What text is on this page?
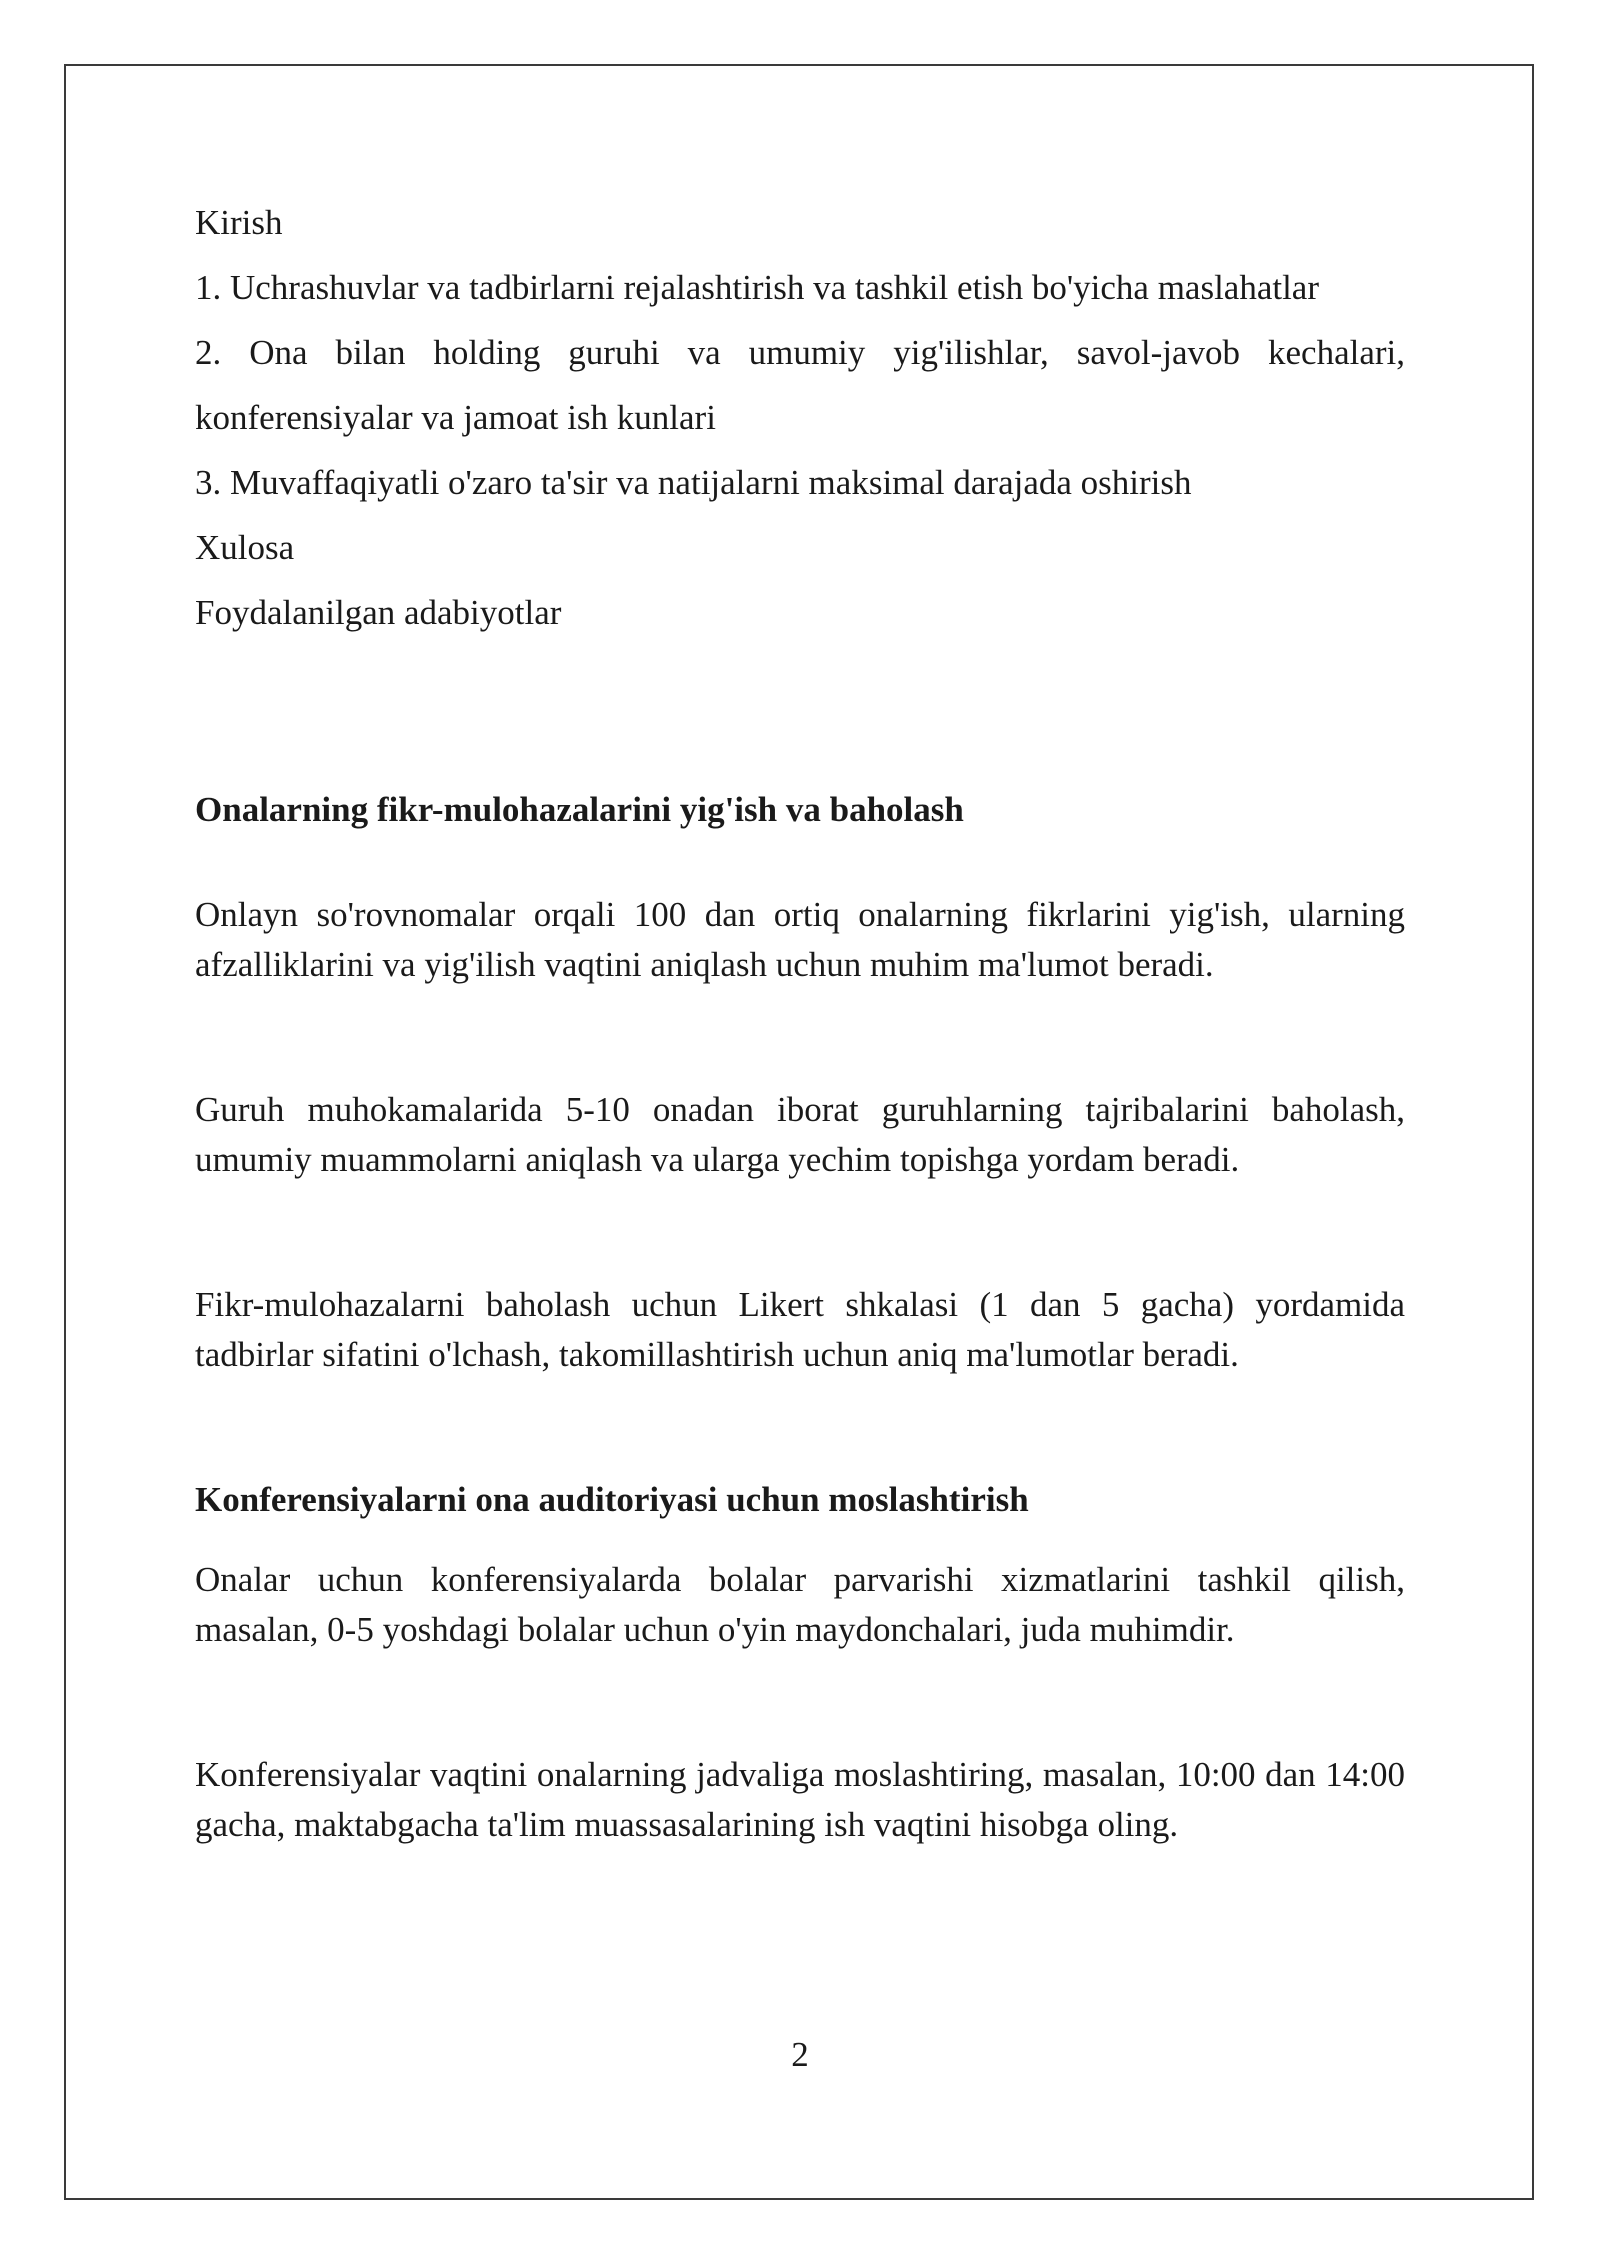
Kirish
1. Uchrashuvlar va tadbirlarni rejalashtirish va tashkil etish bo'yicha maslahatlar
2. Ona bilan holding guruhi va umumiy yig'ilishlar, savol-javob kechalari,
konferensiyalar va jamoat ish kunlari
3. Muvaffaqiyatli o'zaro ta'sir va natijalarni maksimal darajada oshirish
Xulosa
Foydalanilgan adabiyotlar
Onalarning fikr-mulohazalarini yig'ish va baholash

Onlayn so'rovnomalar orqali 100 dan ortiq onalarning fikrlarini yig'ish, ularning afzalliklarini va yig'ilish vaqtini aniqlash uchun muhim ma'lumot beradi.

Guruh muhokamalarida 5-10 onadan iborat guruhlarning tajribalarini baholash, umumiy muammolarni aniqlash va ularga yechim topishga yordam beradi.

Fikr-mulohazalarni baholash uchun Likert shkalasi (1 dan 5 gacha) yordamida tadbirlar sifatini o'lchash, takomillashtirish uchun aniq ma'lumotlar beradi.

Konferensiyalarni ona auditoriyasi uchun moslashtirish

Onalar uchun konferensiyalarda bolalar parvarishi xizmatlarini tashkil qilish, masalan, 0-5 yoshdagi bolalar uchun o'yin maydonchalari, juda muhimdir.

Konferensiyalar vaqtini onalarning jadvaliga moslashtiring, masalan, 10:00 dan 14:00 gacha, maktabgacha ta'lim muassasalarining ish vaqtini hisobga oling.

2
